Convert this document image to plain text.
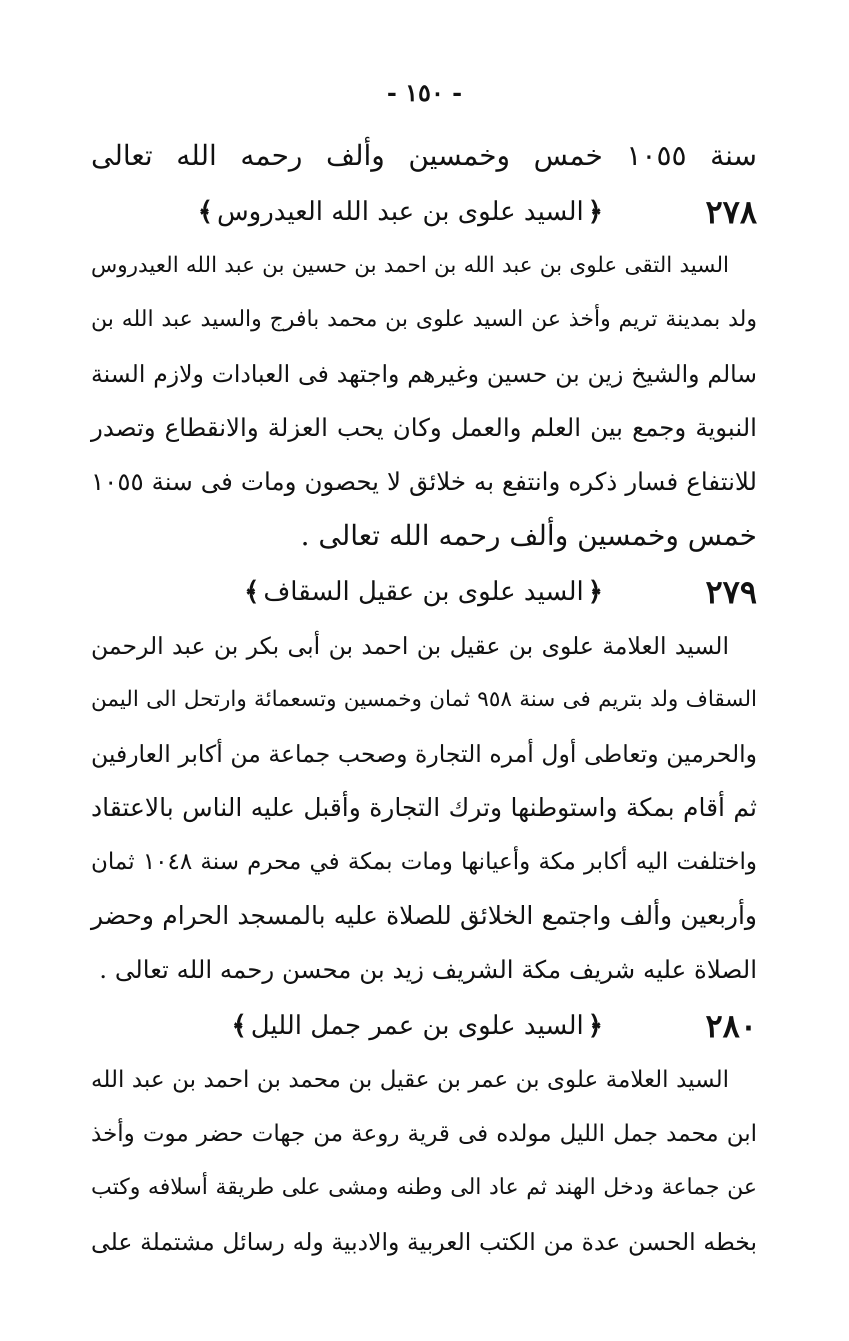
- ١٥٠ -
سنة ١٠٥٥ خمس وخمسين وألف رحمه الله تعالى
٢٧٨
﴿السيد علوى بن عبد الله العيدروس﴾
السيد التقى علوى بن عبد الله بن احمد بن حسين بن عبد الله العيدروس
ولد بمدينة تريم وأخذ عن السيد علوى بن محمد بافرج والسيد عبد الله بن
سالم والشيخ زين بن حسين وغيرهم واجتهد فى العبادات ولازم السنة
النبوية وجمع بين العلم والعمل وكان يحب العزلة والانقطاع وتصدر
للانتفاع فسار ذكره وانتفع به خلائق لا يحصون ومات فى سنة ١٠٥٥
خمس وخمسين وألف رحمه الله تعالى .
٢٧٩
﴿السيد علوى بن عقيل السقاف﴾
السيد العلامة علوى بن عقيل بن احمد بن أبى بكر بن عبد الرحمن
السقاف ولد بتريم فى سنة ٩٥٨ ثمان وخمسين وتسعمائة وارتحل الى اليمن
والحرمين وتعاطى أول أمره التجارة وصحب جماعة من أكابر العارفين
ثم أقام بمكة واستوطنها وترك التجارة وأقبل عليه الناس بالاعتقاد
واختلفت اليه أكابر مكة وأعيانها ومات بمكة في محرم سنة ١٠٤٨ ثمان
وأربعين وألف واجتمع الخلائق للصلاة عليه بالمسجد الحرام وحضر
الصلاة عليه شريف مكة الشريف زيد بن محسن رحمه الله تعالى .
٢٨٠
﴿السيد علوى بن عمر جمل الليل﴾
السيد العلامة علوى بن عمر بن عقيل بن محمد بن احمد بن عبد الله
ابن محمد جمل الليل مولده فى قرية روعة من جهات حضر موت وأخذ
عن جماعة ودخل الهند ثم عاد الى وطنه ومشى على طريقة أسلافه وكتب
بخطه الحسن عدة من الكتب العربية والادبية وله رسائل مشتملة على
